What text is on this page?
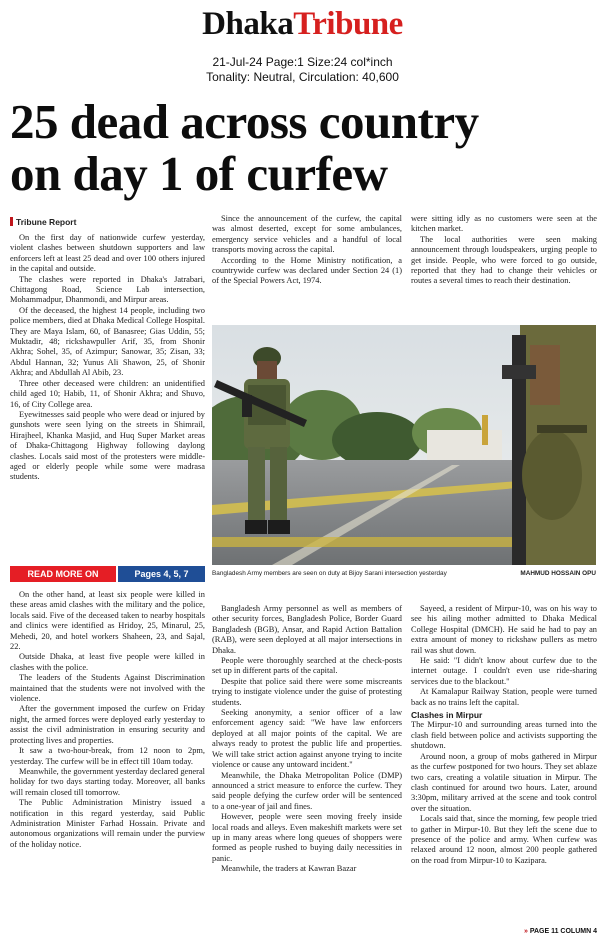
DhakaTribune
21-Jul-24 Page:1 Size:24 col*inch
Tonality: Neutral, Circulation: 40,600
25 dead across country
on day 1 of curfew
Tribune Report

On the first day of nationwide curfew yesterday, violent clashes between shutdown supporters and law enforcers left at least 25 dead and over 100 others injured in the capital and outside.

The clashes were reported in Dhaka's Jatrabari, Chittagong Road, Science Lab intersection, Mohammadpur, Dhanmondi, and Mirpur areas.

Of the deceased, the highest 14 people, including two police members, died at Dhaka Medical College Hospital. They are Maya Islam, 60, of Banasree; Gias Uddin, 55; Muktadir, 48; rickshawpuller Arif, 35, from Shonir Akhra; Sohel, 35, of Azimpur; Sanowar, 35; Zisan, 33; Abdul Hannan, 32; Yunus Ali Shawon, 25, of Shonir Akhra; and Abdullah Al Abib, 23.

Three other deceased were children: an unidentified child aged 10; Habib, 11, of Shonir Akhra; and Shuvo, 16, of City College area.

Eyewitnesses said people who were dead or injured by gunshots were seen lying on the streets in Shimrail, Hirajheel, Khanka Masjid, and Huq Super Market areas of Dhaka-Chittagong Highway following daylong clashes. Locals said most of the protesters were middle-aged or elderly people while some were madrasa students.

Since the announcement of the curfew, the capital was almost deserted, except for some ambulances, emergency service vehicles and a handful of local transports moving across the capital.

According to the Home Ministry notification, a countrywide curfew was declared under Section 24 (1) of the Special Powers Act, 1974.

were sitting idly as no customers were seen at the kitchen market.

The local authorities were seen making announcement through loudspeakers, urging people to get inside. People, who were forced to go outside, reported that they had to change their vehicles or routes a several times to reach their destination.

Bangladesh Army members are seen on duty at Bijoy Sarani intersection yesterday	MAHMUD HOSSAIN OPU
READ MORE ON	Pages 4, 5, 7

On the other hand, at least six people were killed in these areas amid clashes with the military and the police, locals said. Five of the deceased taken to nearby hospitals and clinics were identified as Hridoy, 25, Minarul, 25, Mehedi, 20, and hotel workers Shaheen, 23, and Sajal, 22.

Outside Dhaka, at least five people were killed in clashes with the police.

The leaders of the Students Against Discrimination maintained that the students were not involved with the violence.

After the government imposed the curfew on Friday night, the armed forces were deployed early yesterday to assist the civil administration in ensuring security and protecting lives and properties.

It saw a two-hour-break, from 12 noon to 2pm, yesterday. The curfew will be in effect till 10am today.

Meanwhile, the government yesterday declared general holiday for two days starting today. Moreover, all banks will remain closed till tomorrow.

The Public Administration Ministry issued a notification in this regard yesterday, said Public Administration Minister Farhad Hossain. Private and autonomous organizations will remain under the purview of the holiday notice.

Bangladesh Army personnel as well as members of other security forces, Bangladesh Police, Border Guard Bangladesh (BGB), Ansar, and Rapid Action Battalion (RAB), were seen deployed at all major intersections in Dhaka.

People were thoroughly searched at the check-posts set up in different parts of the capital.

Despite that police said there were some miscreants trying to instigate violence under the guise of protesting students.

Seeking anonymity, a senior officer of a law enforcement agency said: "We have law enforcers deployed at all major points of the capital. We are always ready to protest the public life and properties. We will take strict action against anyone trying to incite violence or cause any untoward incident."

Meanwhile, the Dhaka Metropolitan Police (DMP) announced a strict measure to enforce the curfew. They said people defying the curfew order will be sentenced to a one-year of jail and fines.

However, people were seen moving freely inside local roads and alleys. Even makeshift markets were set up in many areas where long queues of shoppers were formed as people rushed to buying daily necessities in panic.

Meanwhile, the traders at Kawran Bazar

Sayeed, a resident of Mirpur-10, was on his way to see his ailing mother admitted to Dhaka Medical College Hospital (DMCH). He said he had to pay an extra amount of money to rickshaw pullers as metro rail was shut down.

He said: "I didn't know about curfew due to the internet outage. I couldn't even use ride-sharing services due to the blackout."

At Kamalapur Railway Station, people were turned back as no trains left the capital.

Clashes in Mirpur

The Mirpur-10 and surrounding areas turned into the clash field between police and activists supporting the shutdown.

Around noon, a group of mobs gathered in Mirpur as the curfew postponed for two hours. They set ablaze two cars, creating a volatile situation in Mirpur. The clash continued for around two hours. Later, around 3:30pm, military arrived at the scene and took control over the situation.

Locals said that, since the morning, few people tried to gather in Mirpur-10. But they left the scene due to presence of the police and army. When curfew was relaxed around 12 noon, almost 200 people gathered on the road from Mirpur-10 to Kazipara.

» PAGE 11 COLUMN 4
